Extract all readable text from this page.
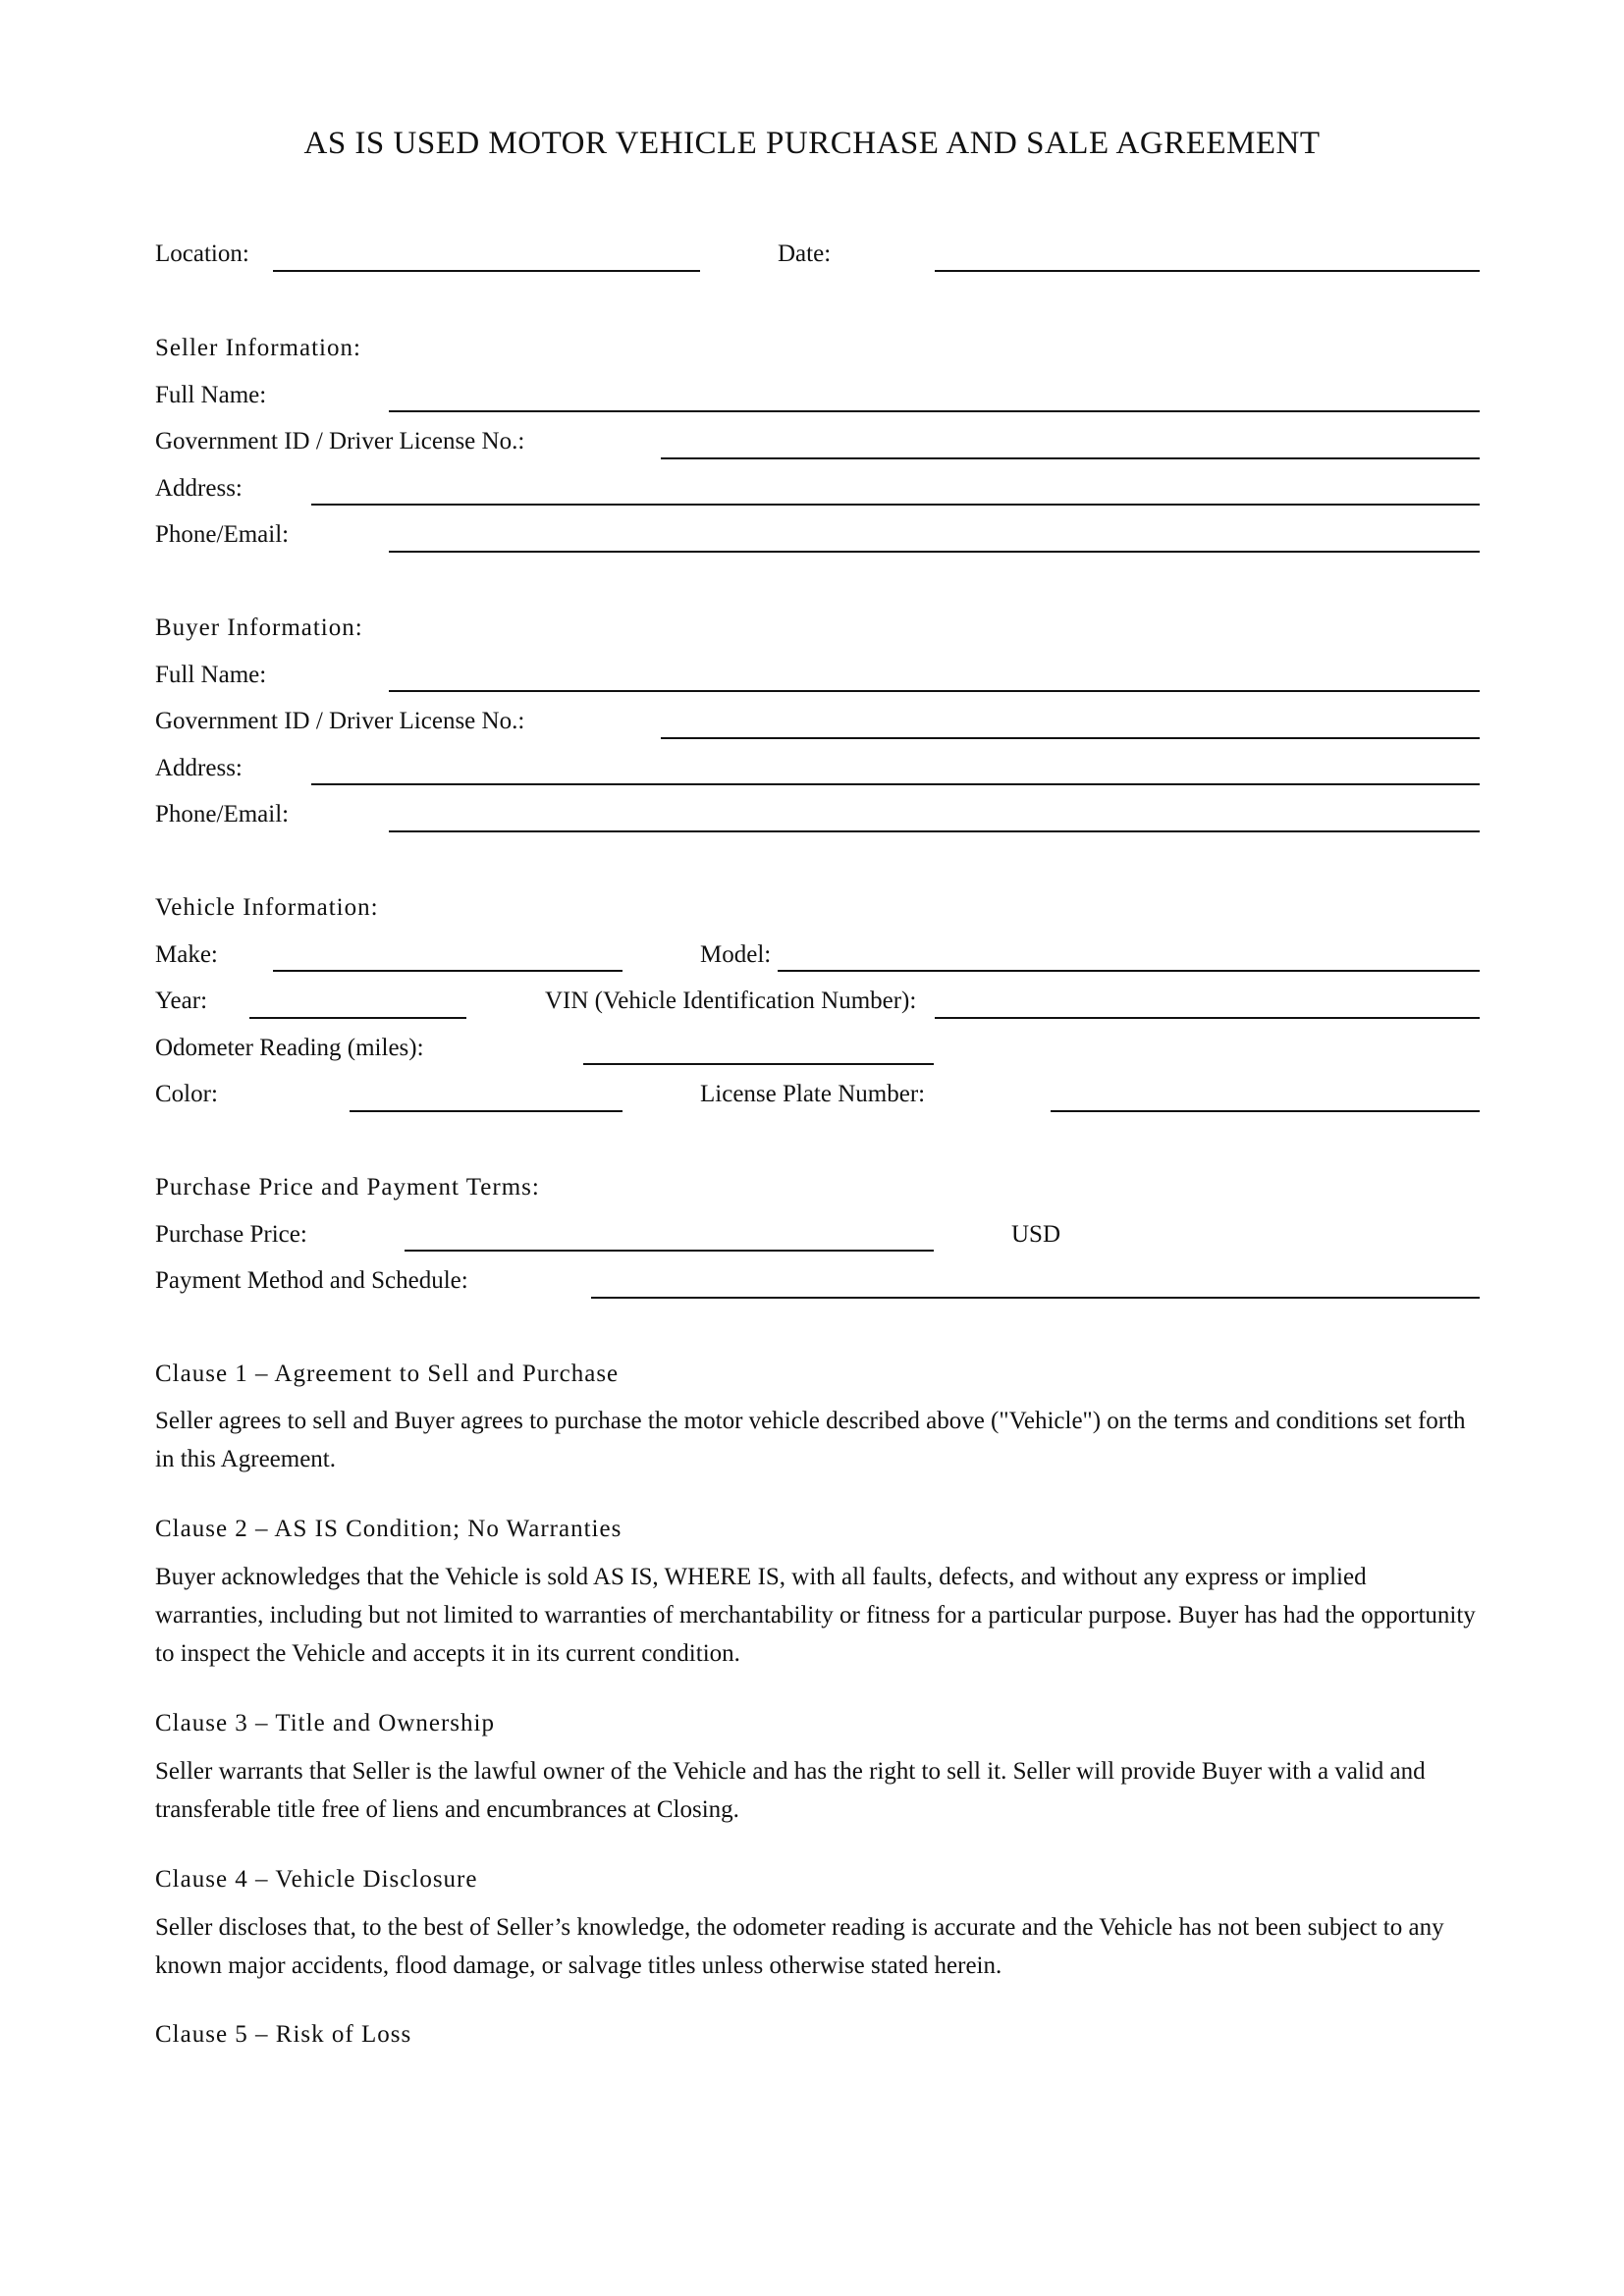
AS IS USED MOTOR VEHICLE PURCHASE AND SALE AGREEMENT
Location:	Date:
Seller Information:
Full Name:
Government ID / Driver License No.:
Address:
Phone/Email:
Buyer Information:
Full Name:
Government ID / Driver License No.:
Address:
Phone/Email:
Vehicle Information:
Make:	Model:
Year:	VIN (Vehicle Identification Number):
Odometer Reading (miles):
Color:	License Plate Number:
Purchase Price and Payment Terms:
Purchase Price:	USD
Payment Method and Schedule:
Clause 1 – Agreement to Sell and Purchase
Seller agrees to sell and Buyer agrees to purchase the motor vehicle described above ("Vehicle") on the terms and conditions set forth in this Agreement.
Clause 2 – AS IS Condition; No Warranties
Buyer acknowledges that the Vehicle is sold AS IS, WHERE IS, with all faults, defects, and without any express or implied warranties, including but not limited to warranties of merchantability or fitness for a particular purpose. Buyer has had the opportunity to inspect the Vehicle and accepts it in its current condition.
Clause 3 – Title and Ownership
Seller warrants that Seller is the lawful owner of the Vehicle and has the right to sell it. Seller will provide Buyer with a valid and transferable title free of liens and encumbrances at Closing.
Clause 4 – Vehicle Disclosure
Seller discloses that, to the best of Seller’s knowledge, the odometer reading is accurate and the Vehicle has not been subject to any known major accidents, flood damage, or salvage titles unless otherwise stated herein.
Clause 5 – Risk of Loss
